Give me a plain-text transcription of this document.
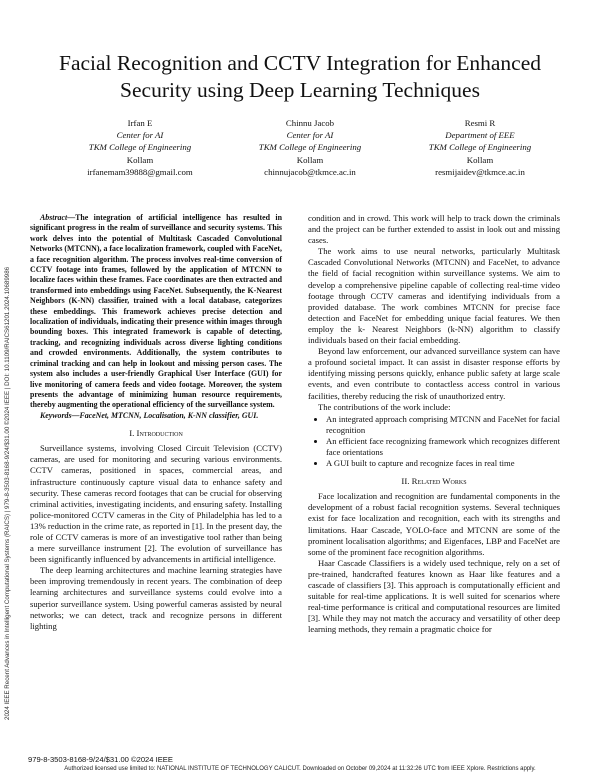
Facial Recognition and CCTV Integration for Enhanced Security using Deep Learning Techniques
Irfan E
Center for AI
TKM College of Engineering
Kollam
irfanemam39888@gmail.com
Chinnu Jacob
Center for AI
TKM College of Engineering
Kollam
chinnujacob@tkmce.ac.in
Resmi R
Department of EEE
TKM College of Engineering
Kollam
resmijaidev@tkmce.ac.in
2024 IEEE Recent Advances in Intelligent Computational Systems (RAICS) | 979-8-3503-8168-9/24/$31.00 ©2024 IEEE | DOI: 10.1109/RAICS61201.2024.10689986

Abstract—The integration of artificial intelligence has resulted in significant progress in the realm of surveillance and security systems. This work delves into the potential of Multitask Cascaded Convolutional Networks (MTCNN), a face localization framework, coupled with FaceNet, a face recognition algorithm. The process involves real-time conversion of CCTV footage into frames, followed by the application of MTCNN to localize faces within these frames. Face coordinates are then extracted and transformed into embeddings using FaceNet. Subsequently, the K-Nearest Neighbors (K-NN) classifier, trained with a local database, categorizes these embeddings. This framework achieves precise detection and localization of individuals, indicating their presence within images through bounding boxes. This integrated framework is capable of detecting, tracking, and recognizing individuals across diverse lighting conditions and crowded environments. Additionally, the system contributes to criminal tracking and can help in lookout and missing person cases. The system also includes a user-friendly Graphical User Interface (GUI) for live monitoring of camera feeds and video footage. Moreover, the system presents the advantage of minimizing human resource requirements, thereby augmenting the operational efficiency of the surveillance system.

Keywords—FaceNet, MTCNN, Localisation, K-NN classifier, GUI.

I. Introduction

Surveillance systems, involving Closed Circuit Television (CCTV) cameras, are used for monitoring and securing various environments. CCTV cameras, positioned in spaces, commercial areas, and infrastructure continuously capture visual data to enhance safety and security. These cameras record footages that can be crucial for observing criminal activities, investigating incidents, and ensuring safety. Installing police-monitored CCTV cameras in the City of Philadelphia has led to a 13% reduction in the crime rate, as reported in [1]. In the present day, the role of CCTV cameras is more of an investigative tool rather than being a mere surveillance instrument [2]. The evolution of surveillance has been significantly influenced by advancements in artificial intelligence.

The deep learning architectures and machine learning strategies have been improving tremendously in recent years. The combination of deep learning architectures and surveillance systems could evolve into a superior surveillance system. Using powerful cameras assisted by neural networks; we can detect, track and recognize persons in different lighting

condition and in crowd. This work will help to track down the criminals and the project can be further extended to assist in look out and missing cases.

The work aims to use neural networks, particularly Multitask Cascaded Convolutional Networks (MTCNN) and FaceNet, to advance the field of facial recognition within surveillance systems. We aim to develop a comprehensive pipeline capable of collecting real-time video footage through CCTV cameras and identifying individuals from a provided database. The work combines MTCNN for precise face detection and FaceNet for embedding unique facial features. We then employ the k- Nearest Neighbors (k-NN) algorithm to classify individuals based on their facial embedding.

Beyond law enforcement, our advanced surveillance system can have a profound societal impact. It can assist in disaster response efforts by identifying missing persons quickly, enhance public safety at large scale events, and even contribute to contactless access control in various facilities, thereby reducing the risk of unauthorized entry.

The contributions of the work include:

• An integrated approach comprising MTCNN and FaceNet for facial recognition
• An efficient face recognizing framework which recognizes different face orientations
• A GUI built to capture and recognize faces in real time
II. Related Works

Face localization and recognition are fundamental components in the development of a robust facial recognition systems. Several techniques exist for face localization and recognition, each with its strengths and limitations. Haar Cascade, YOLO-face and MTCNN are some of the prominent localisation algorithms; and Eigenfaces, LBP and FaceNet are some of the prominent face recognition algorithms.

Haar Cascade Classifiers is a widely used technique, rely on a set of pre-trained, handcrafted features known as Haar like features and a cascade of classifiers [3]. This approach is computationally efficient and suitable for real-time applications. It is well suited for scenarios where real-time performance is critical and computational resources are limited [3]. While they may not match the accuracy and versatility of other deep learning methods, they remain a pragmatic choice for

979-8-3503-8168-9/24/$31.00 ©2024 IEEE
Authorized licensed use limited to: NATIONAL INSTITUTE OF TECHNOLOGY CALICUT. Downloaded on October 09,2024 at 11:32:26 UTC from IEEE Xplore. Restrictions apply.
